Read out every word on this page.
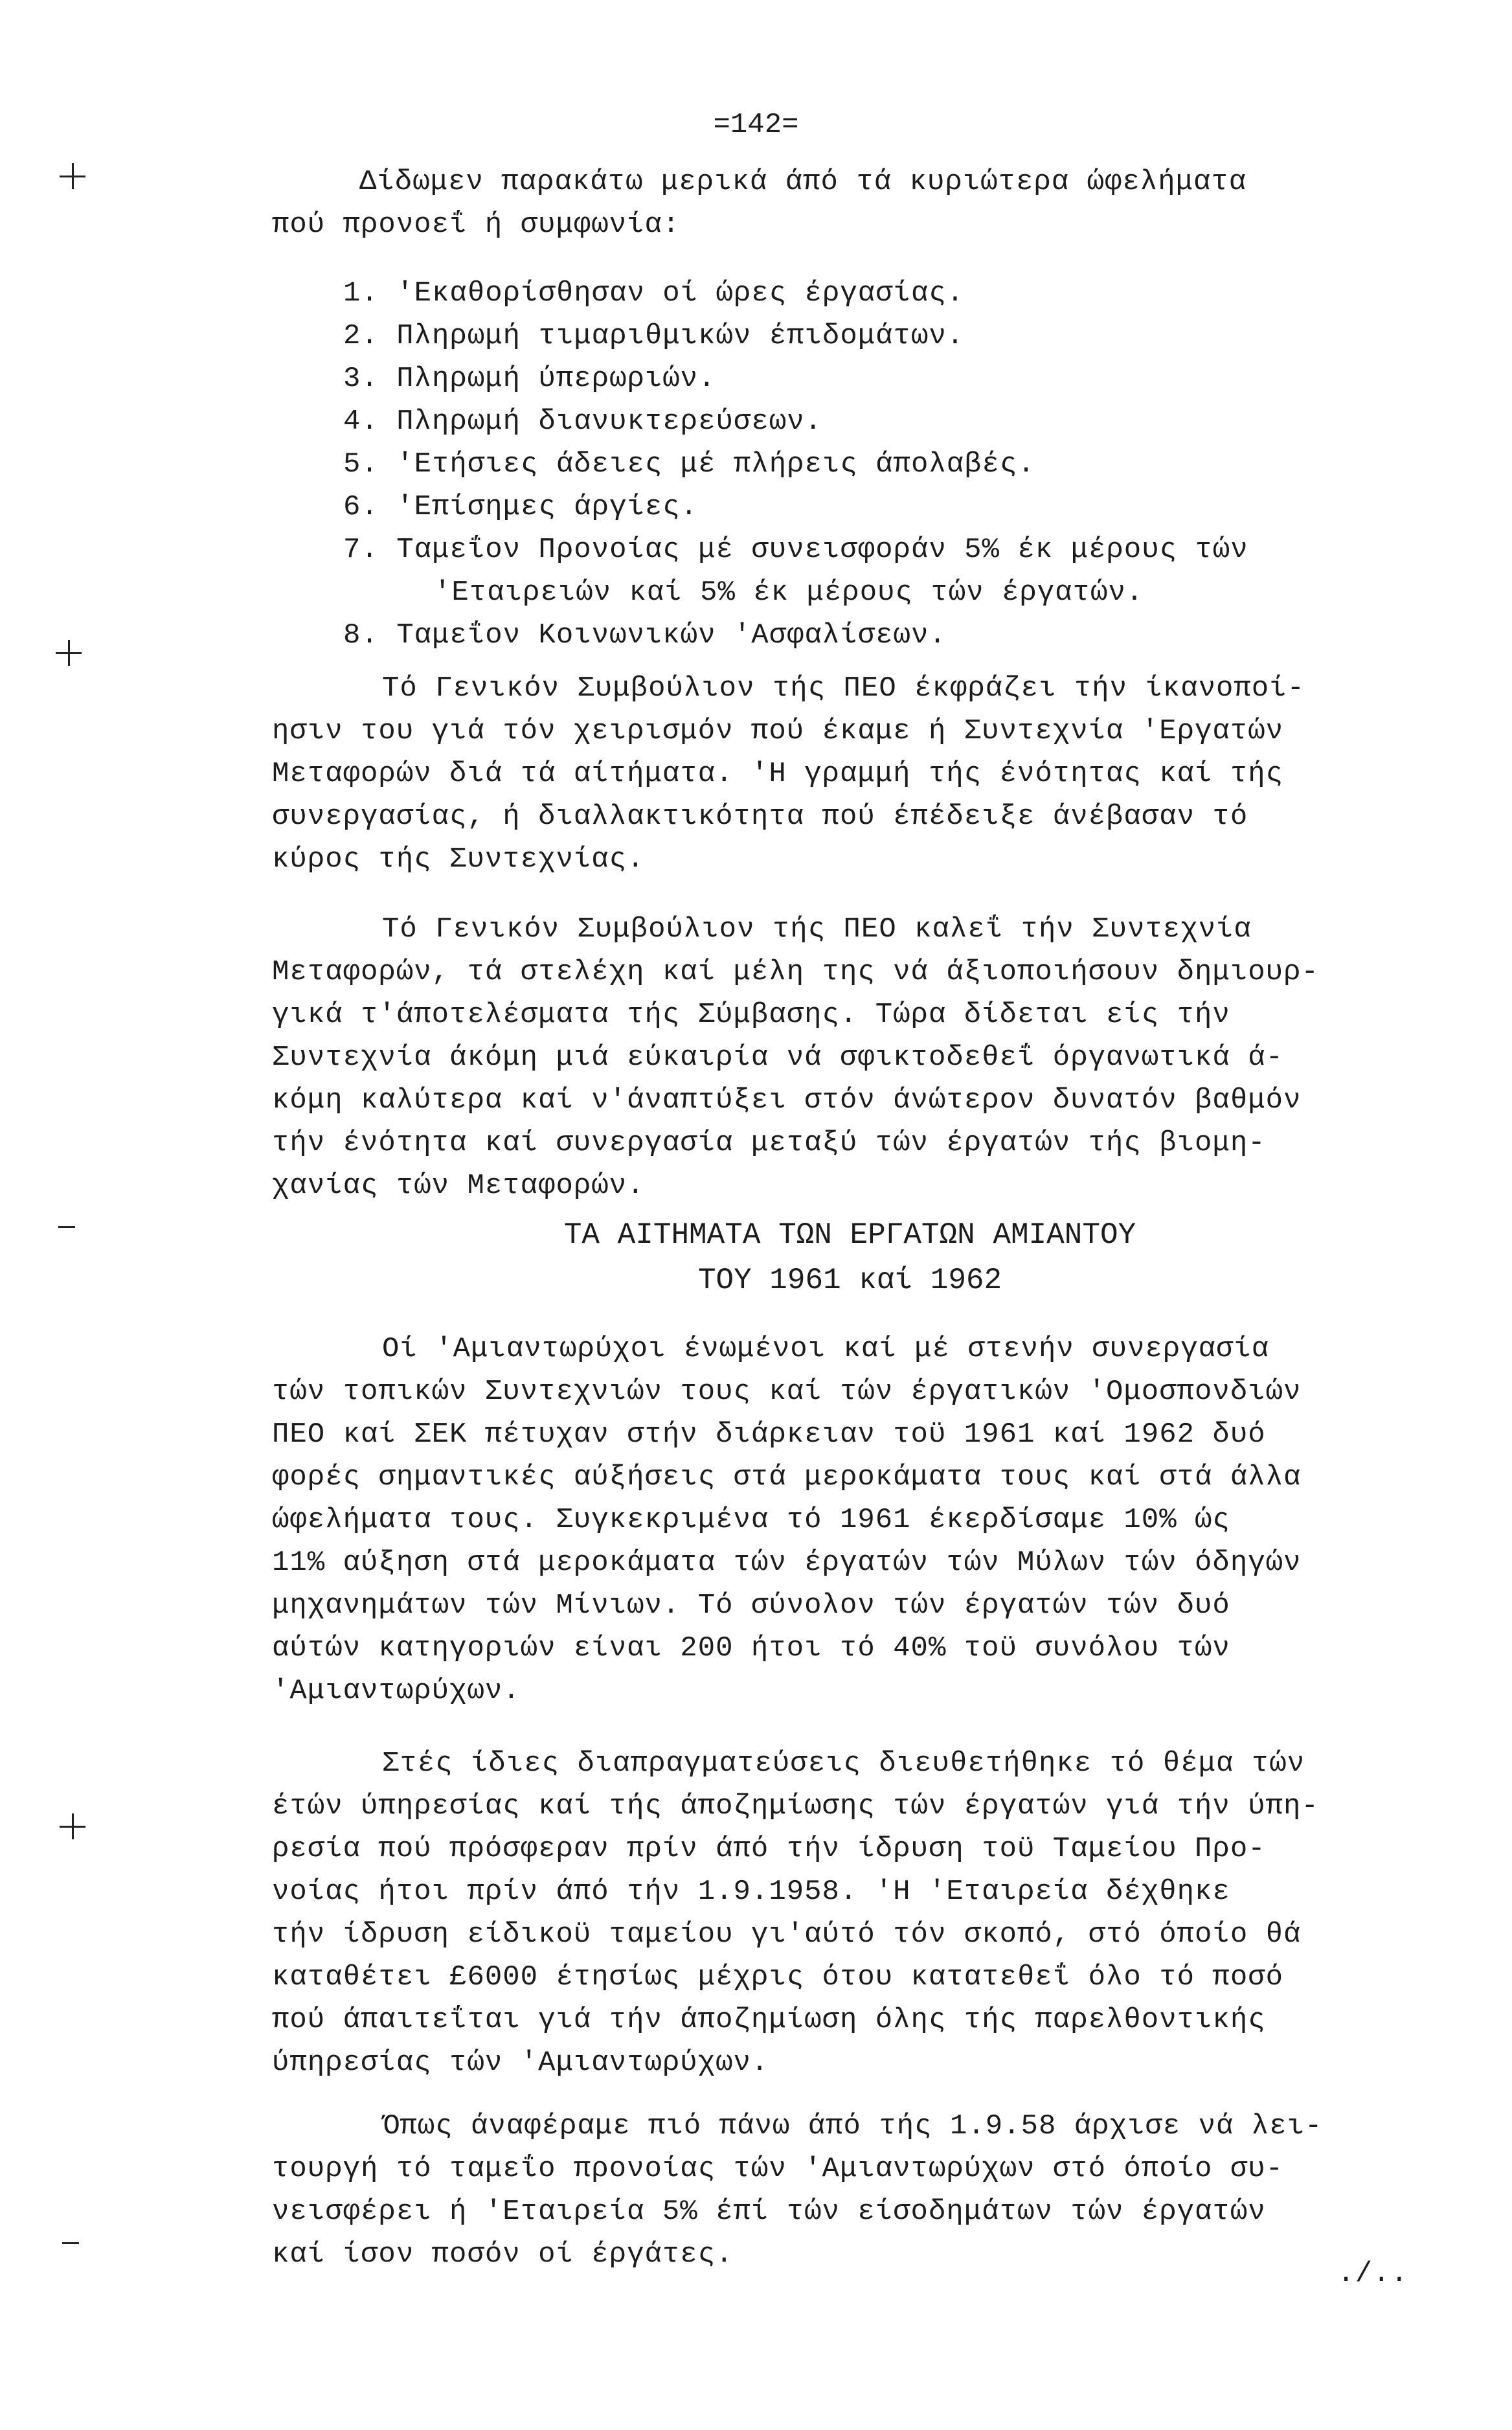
=142=
Δίδωμεν παρακάτω μερικά άπό τά κυριώτερα ώφελήματα
πού προνοεΐ ή συμφωνία:
1. 'Εκαθορίσθησαν οί ώρες έργασίας.
2. Πληρωμή τιμαριθμικών έπιδομάτων.
3. Πληρωμή ύπερωριών.
4. Πληρωμή διανυκτερεύσεων.
5. 'Ετήσιες άδειες μέ πλήρεις άπολαβές.
6. 'Επίσημες άργίες.
7. Ταμεΐον Προνοίας μέ συνεισφοράν 5% έκ μέρους τών
'Εταιρειών καί 5% έκ μέρους τών έργατών.
8. Ταμεΐον Κοινωνικών 'Ασφαλίσεων.
Τό Γενικόν Συμβούλιον τής ΠΕΟ έκφράζει τήν ίκανοποί-
ησιν του γιά τόν χειρισμόν πού έκαμε ή Συντεχνία 'Εργατών
Μεταφορών διά τά αίτήματα. 'Η γραμμή τής ένότητας καί τής
συνεργασίας, ή διαλλακτικότητα πού έπέδειξε άνέβασαν τό
κύρος τής Συντεχνίας.
Τό Γενικόν Συμβούλιον τής ΠΕΟ καλεΐ τήν Συντεχνία
Μεταφορών, τά στελέχη καί μέλη της νά άξιοποιήσουν δημιουρ-
γικά τ'άποτελέσματα τής Σύμβασης. Τώρα δίδεται είς τήν
Συντεχνία άκόμη μιά εύκαιρία νά σφικτοδεθεΐ όργανωτικά ά-
κόμη καλύτερα καί ν'άναπτύξει στόν άνώτερον δυνατόν βαθμόν
τήν ένότητα καί συνεργασία μεταξύ τών έργατών τής βιομη-
χανίας τών Μεταφορών.
ΤΑ ΑΙΤΗΜΑΤΑ ΤΩΝ ΕΡΓΑΤΩΝ ΑΜΙΑΝΤΟΥ
ΤΟΥ 1961 καί 1962
Οί 'Αμιαντωρύχοι ένωμένοι καί μέ στενήν συνεργασία
τών τοπικών Συντεχνιών τους καί τών έργατικών 'Ομοσπονδιών
ΠΕΟ καί ΣΕΚ πέτυχαν στήν διάρκειαν τοϋ 1961 καί 1962 δυό
φορές σημαντικές αύξήσεις στά μεροκάματα τους καί στά άλλα
ώφελήματα τους. Συγκεκριμένα τό 1961 έκερδίσαμε 10% ώς
11% αύξηση στά μεροκάματα τών έργατών τών Μύλων τών όδηγών
μηχανημάτων τών Μίνιων. Τό σύνολον τών έργατών τών δυό
αύτών κατηγοριών είναι 200 ήτοι τό 40% τοϋ συνόλου τών
'Αμιαντωρύχων.
Στές ίδιες διαπραγματεύσεις διευθετήθηκε τό θέμα τών
έτών ύπηρεσίας καί τής άποζημίωσης τών έργατών γιά τήν ύπη-
ρεσία πού πρόσφεραν πρίν άπό τήν ίδρυση τοϋ Ταμείου Προ-
νοίας ήτοι πρίν άπό τήν 1.9.1958. 'Η 'Εταιρεία δέχθηκε
τήν ίδρυση είδικοϋ ταμείου γι'αύτό τόν σκοπό, στό όποίο θά
καταθέτει £6000 έτησίως μέχρις ότου κατατεθεΐ όλο τό ποσό
πού άπαιτεΐται γιά τήν άποζημίωση όλης τής παρελθοντικής
ύπηρεσίας τών 'Αμιαντωρύχων.
Όπως άναφέραμε πιό πάνω άπό τής 1.9.58 άρχισε νά λει-
τουργή τό ταμεΐο προνοίας τών 'Αμιαντωρύχων στό όποίο συ-
νεισφέρει ή 'Εταιρεία 5% έπί τών είσοδημάτων τών έργατών
καί ίσον ποσόν οί έργάτες.
./..
